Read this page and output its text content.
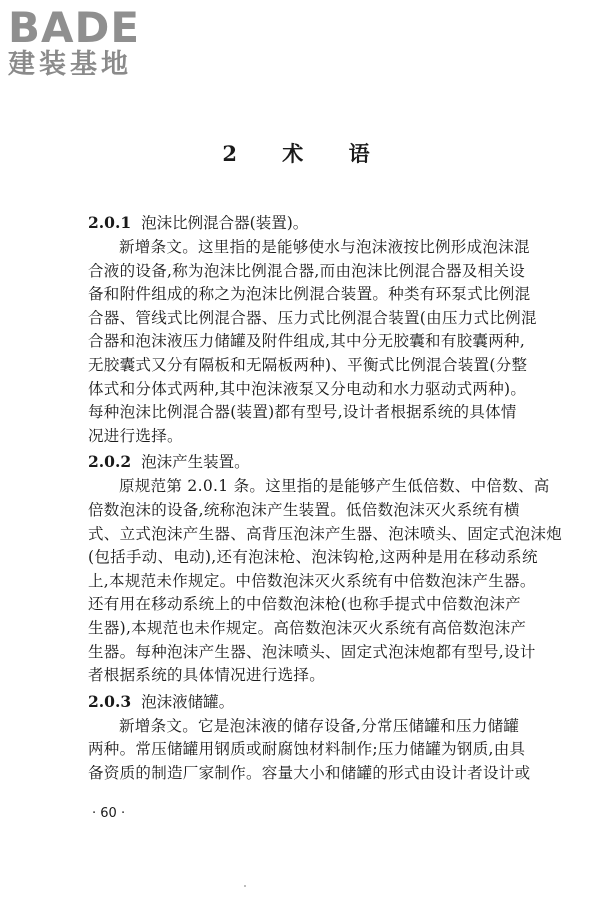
BADE
建装基地
2 术 语
2.0.1 泡沫比例混合器(装置)。

新增条文。这里指的是能够使水与泡沫液按比例形成泡沫混

合液的设备,称为泡沫比例混合器,而由泡沫比例混合器及相关设

备和附件组成的称之为泡沫比例混合装置。种类有环泵式比例混

合器、管线式比例混合器、压力式比例混合装置(由压力式比例混

合器和泡沫液压力储罐及附件组成,其中分无胶囊和有胶囊两种,

无胶囊式又分有隔板和无隔板两种)、平衡式比例混合装置(分整

体式和分体式两种,其中泡沫液泵又分电动和水力驱动式两种)。

每种泡沫比例混合器(装置)都有型号,设计者根据系统的具体情

况进行选择。

2.0.2 泡沫产生装置。

原规范第 2.0.1 条。这里指的是能够产生低倍数、中倍数、高

倍数泡沫的设备,统称泡沫产生装置。低倍数泡沫灭火系统有横

式、立式泡沫产生器、高背压泡沫产生器、泡沫喷头、固定式泡沫炮

(包括手动、电动),还有泡沫枪、泡沫钩枪,这两种是用在移动系统

上,本规范未作规定。中倍数泡沫灭火系统有中倍数泡沫产生器。

还有用在移动系统上的中倍数泡沫枪(也称手提式中倍数泡沫产

生器),本规范也未作规定。高倍数泡沫灭火系统有高倍数泡沫产

生器。每种泡沫产生器、泡沫喷头、固定式泡沫炮都有型号,设计

者根据系统的具体情况进行选择。

2.0.3 泡沫液储罐。

新增条文。它是泡沫液的储存设备,分常压储罐和压力储罐

两种。常压储罐用钢质或耐腐蚀材料制作;压力储罐为钢质,由具

备资质的制造厂家制作。容量大小和储罐的形式由设计者设计或

· 60 ·
